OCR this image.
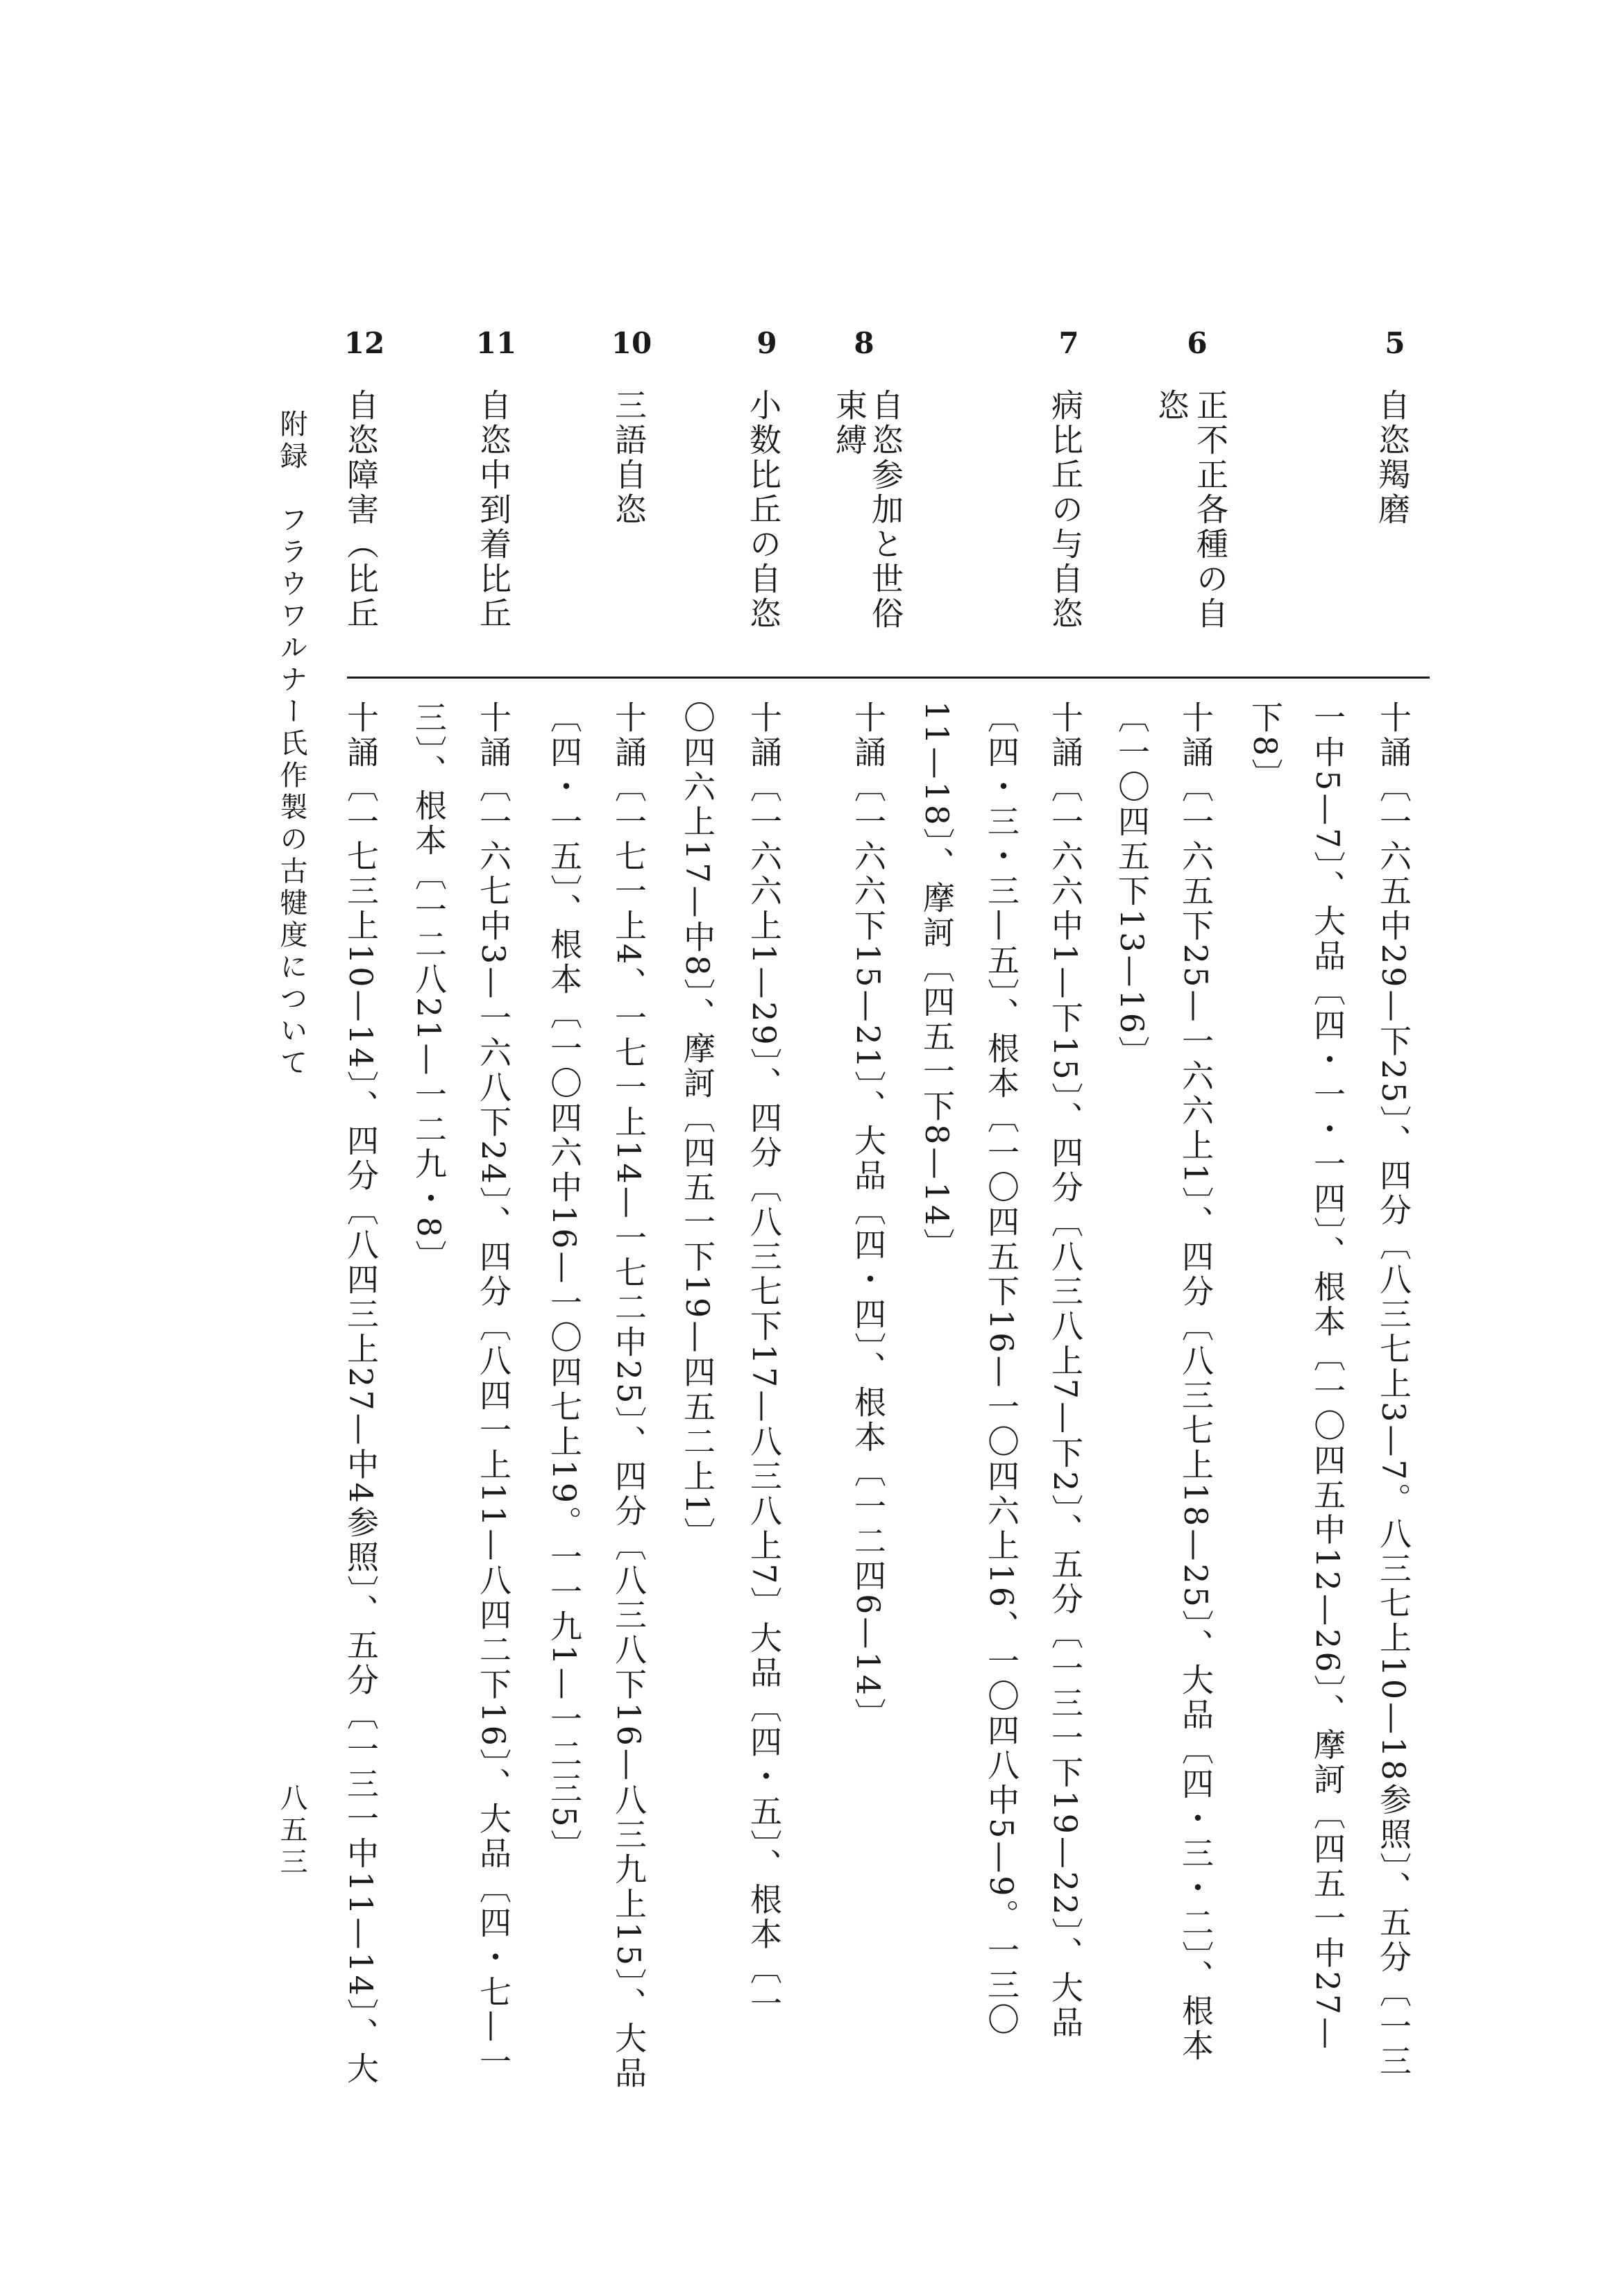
5
6
7
8
9
10
11
12
自恣羯磨
正不正各種の自
恣
病比丘の与自恣
自恣参加と世俗
束縛
小数比丘の自恣
三語自恣
自恣中到着比丘
自恣障害（比丘
十誦〔一六五中29—下25〕、四分〔八三七上3—7。八三七上10—18参照〕、五分〔一三
一中5—7〕、大品〔四・一・一四〕、根本〔一〇四五中12—26〕、摩訶〔四五一中27—
下8〕
十誦〔一六五下25—一六六上1〕、四分〔八三七上18—25〕、大品〔四・三・二〕、根本
〔一〇四五下13—16〕
十誦〔一六六中1—下15〕、四分〔八三八上7—下2〕、五分〔一三一下19—22〕、大品
〔四・三・三—五〕、根本〔一〇四五下16—一〇四六上16、一〇四八中5—9。一三〇
11—18〕、摩訶〔四五一下8—14〕
十誦〔一六六下15—21〕、大品〔四・四〕、根本〔一二四6—14〕
十誦〔一六六上1—29〕、四分〔八三七下17—八三八上7〕大品〔四・五〕、根本〔一
〇四六上17—中8〕、摩訶〔四五一下19—四五二上1〕
十誦〔一七一上4、一七一上14—一七二中25〕、四分〔八三八下16—八三九上15〕、大品
〔四・一五〕、根本〔一〇四六中16—一〇四七上19。一一九1—一二三5〕
十誦〔一六七中3—一六八下24〕、四分〔八四一上11—八四二下16〕、大品〔四・七—一
三〕、根本〔一二八21—一二九・8〕
十誦〔一七三上10—14〕、四分〔八四三上27—中4参照〕、五分〔一三一中11—14〕、大
附録　フラウワルナー氏作製の古犍度について
八五三
